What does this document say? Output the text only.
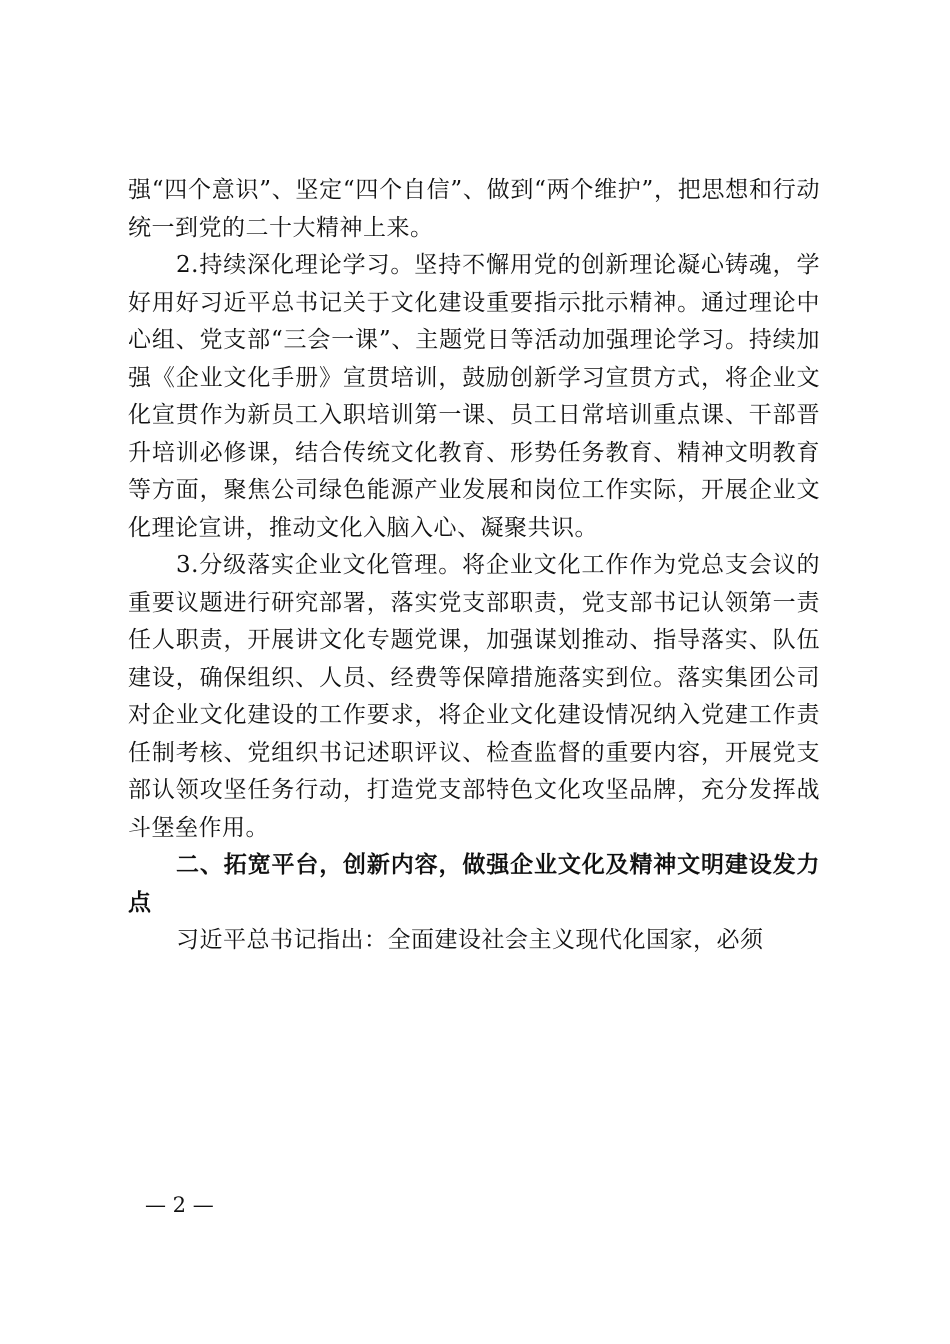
强“四个意识”、坚定“四个自信”、做到“两个维护”，把思想和行动统一到党的二十大精神上来。

2.持续深化理论学习。坚持不懈用党的创新理论凝心铸魂，学好用好习近平总书记关于文化建设重要指示批示精神。通过理论中心组、党支部“三会一课”、主题党日等活动加强理论学习。持续加强《企业文化手册》宣贯培训，鼓励创新学习宣贯方式，将企业文化宣贯作为新员工入职培训第一课、员工日常培训重点课、干部晋升培训必修课，结合传统文化教育、形势任务教育、精神文明教育等方面，聚焦公司绿色能源产业发展和岗位工作实际，开展企业文化理论宣讲，推动文化入脑入心、凝聚共识。

3.分级落实企业文化管理。将企业文化工作作为党总支会议的重要议题进行研究部署，落实党支部职责，党支部书记认领第一责任人职责，开展讲文化专题党课，加强谋划推动、指导落实、队伍建设，确保组织、人员、经费等保障措施落实到位。落实集团公司对企业文化建设的工作要求，将企业文化建设情况纳入党建工作责任制考核、党组织书记述职评议、检查监督的重要内容，开展党支部认领攻坚任务行动，打造党支部特色文化攻坚品牌，充分发挥战斗堡垒作用。

二、拓宽平台，创新内容，做强企业文化及精神文明建设发力点

习近平总书记指出：全面建设社会主义现代化国家，必须

— 2 —
